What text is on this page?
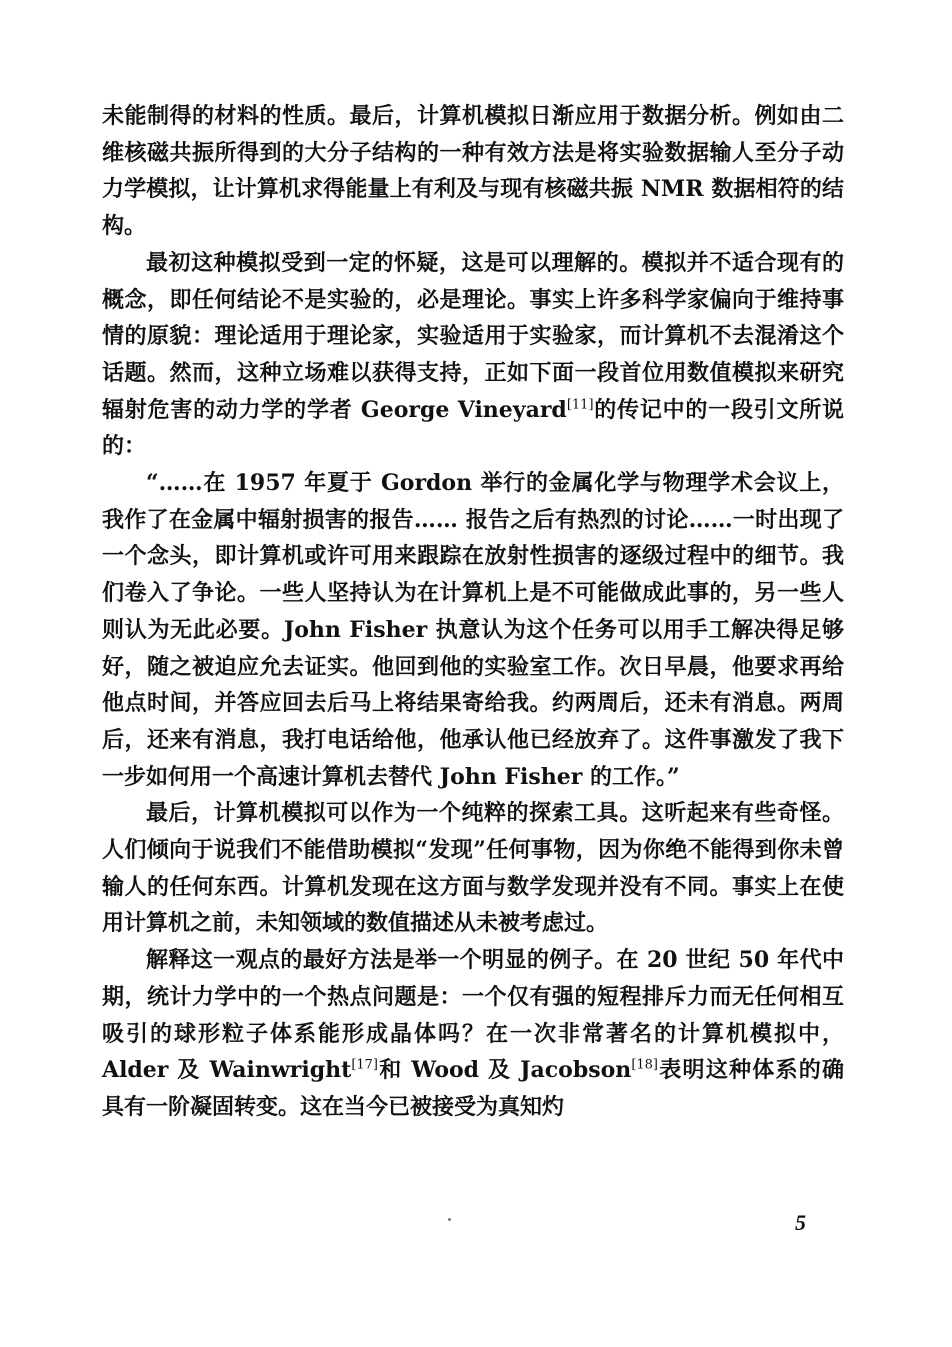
未能制得的材料的性质。最后，计算机模拟日渐应用于数据分析。例如由二维核磁共振所得到的大分子结构的一种有效方法是将实验数据输人至分子动力学模拟，让计算机求得能量上有利及与现有核磁共振 NMR 数据相符的结构。

最初这种模拟受到一定的怀疑，这是可以理解的。模拟并不适合现有的概念，即任何结论不是实验的，必是理论。事实上许多科学家偏向于维持事情的原貌：理论适用于理论家，实验适用于实验家，而计算机不去混淆这个话题。然而，这种立场难以获得支持，正如下面一段首位用数值模拟来研究辐射危害的动力学的学者 George Vineyard[11]的传记中的一段引文所说的：

“……在 1957 年夏于 Gordon 举行的金属化学与物理学术会议上，我作了在金属中辐射损害的报告…… 报告之后有热烈的讨论……一时出现了一个念头，即计算机或许可用来跟踪在放射性损害的逐级过程中的细节。我们卷入了争论。一些人坚持认为在计算机上是不可能做成此事的，另一些人则认为无此必要。John Fisher 执意认为这个任务可以用手工解决得足够好，随之被迫应允去证实。他回到他的实验室工作。次日早晨，他要求再给他点时间，并答应回去后马上将结果寄给我。约两周后，还未有消息。两周后，还来有消息，我打电话给他，他承认他已经放弃了。这件事激发了我下一步如何用一个高速计算机去替代 John Fisher 的工作。”

最后，计算机模拟可以作为一个纯粹的探索工具。这听起来有些奇怪。人们倾向于说我们不能借助模拟“发现”任何事物，因为你绝不能得到你未曾输人的任何东西。计算机发现在这方面与数学发现并没有不同。事实上在使用计算机之前，未知领域的数值描述从未被考虑过。

解释这一观点的最好方法是举一个明显的例子。在 20 世纪 50 年代中期，统计力学中的一个热点问题是：一个仅有强的短程排斥力而无任何相互吸引的球形粒子体系能形成晶体吗？在一次非常著名的计算机模拟中，Alder 及 Wainwright[17]和 Wood 及 Jacobson[18]表明这种体系的确具有一阶凝固转变。这在当今已被接受为真知灼

5
